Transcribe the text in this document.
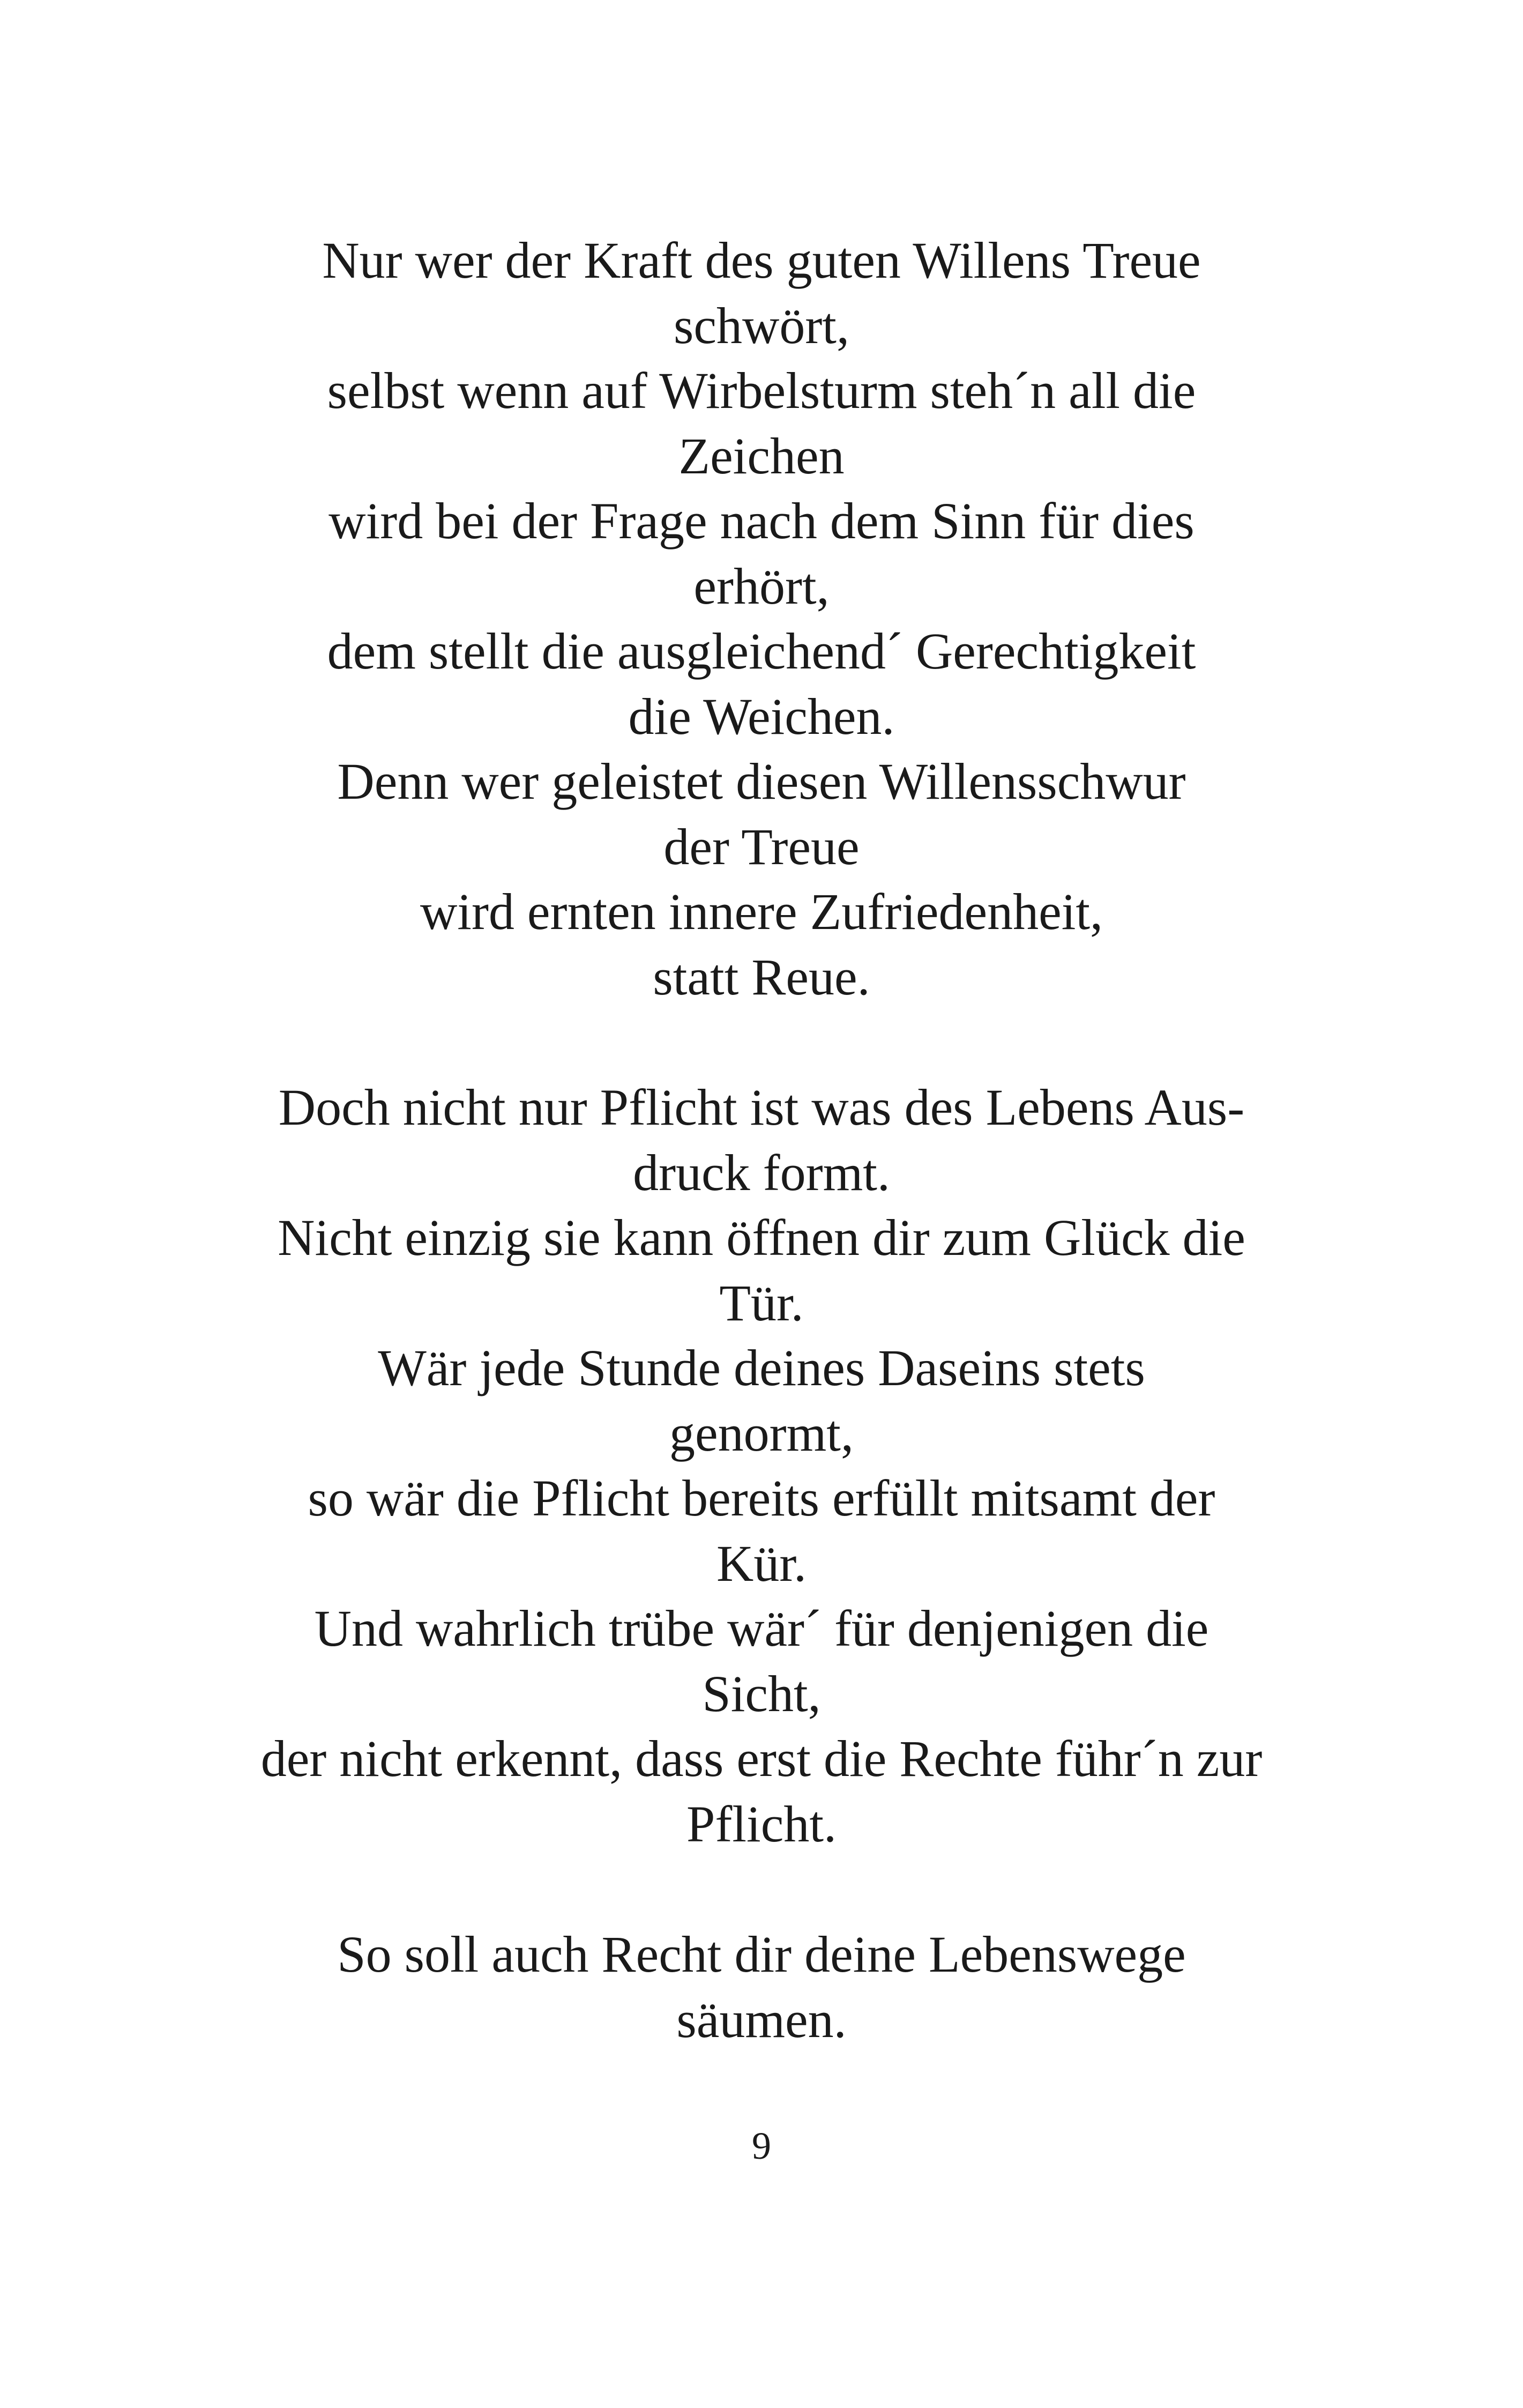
Nur wer der Kraft des guten Willens Treue
schwört,
selbst wenn auf Wirbelsturm steh´n all die
Zeichen
wird bei der Frage nach dem Sinn für dies
erhört,
dem stellt die ausgleichend´ Gerechtigkeit
die Weichen.
Denn wer geleistet diesen Willensschwur
der Treue
wird ernten innere Zufriedenheit,
statt Reue.

Doch nicht nur Pflicht ist was des Lebens Aus-
druck formt.
Nicht einzig sie kann öffnen dir zum Glück die
Tür.
Wär jede Stunde deines Daseins stets
genormt,
so wär die Pflicht bereits erfüllt mitsamt der
Kür.
Und wahrlich trübe wär´ für denjenigen die
Sicht,
der nicht erkennt, dass erst die Rechte führ´n zur
Pflicht.

So soll auch Recht dir deine Lebenswege
säumen.

9
